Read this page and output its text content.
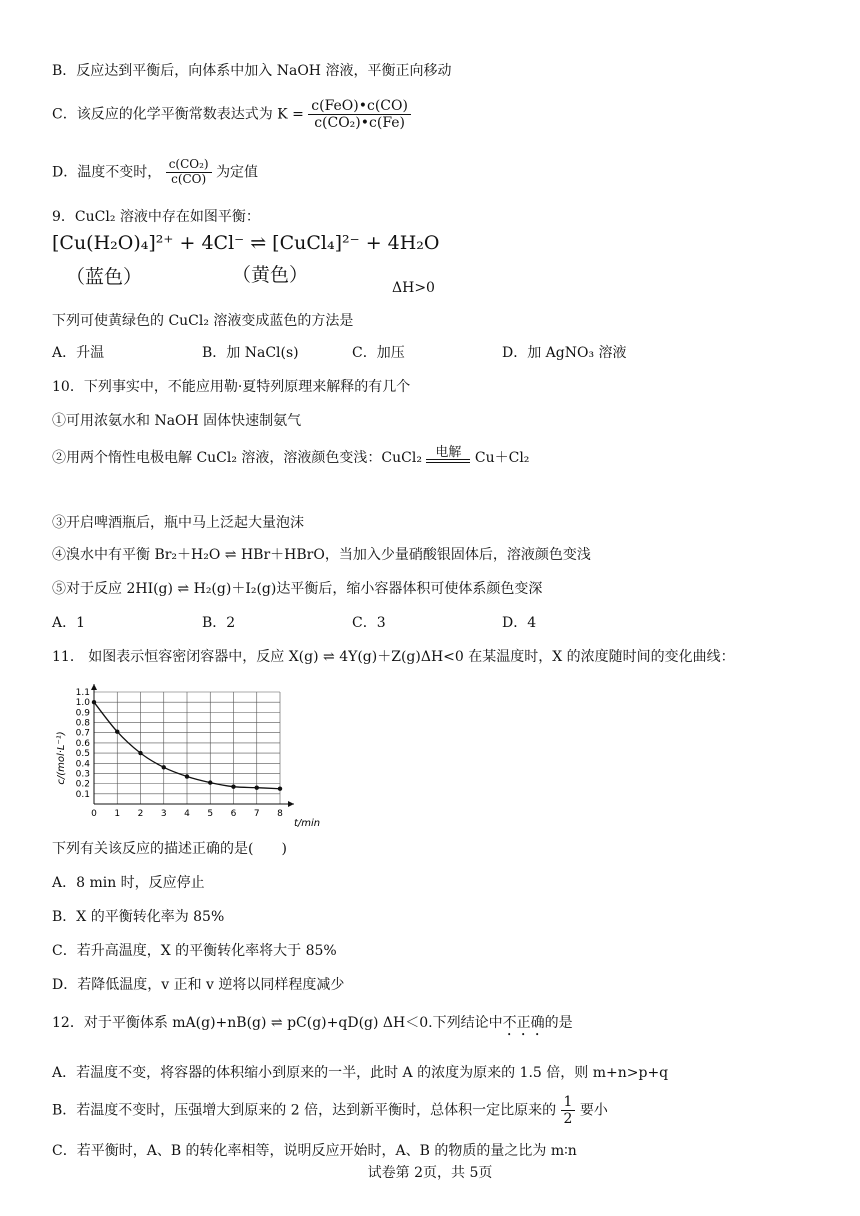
B．反应达到平衡后，向体系中加入 NaOH 溶液，平衡正向移动
C．该反应的化学平衡常数表达式为 $K = \frac{\text{c(FeO)•c(CO)}}{\text{c(CO₂)•c(Fe)}}$
D．温度不变时， $\frac{\text{c(CO₂)}}{c(CO)}$ 为定值
9．CuCl₂ 溶液中存在如图平衡：
[Cu(H₂O)₄]²⁺ + 4Cl⁻ ⇌ [CuCl₄]²⁻ + 4H₂O
（蓝色）	（黄色）
ΔH>0
下列可使黄绿色的 CuCl₂ 溶液变成蓝色的方法是
A．升温	B．加 NaCl(s)	C．加压	D．加 AgNO₃ 溶液
10．下列事实中，不能应用勒·夏特列原理来解释的有几个
①可用浓氨水和 NaOH 固体快速制氨气
②用两个惰性电极电解 CuCl₂ 溶液，溶液颜色变浅：CuCl₂	电解 Cu＋Cl₂
③开启啤酒瓶后，瓶中马上泛起大量泡沫
④溴水中有平衡 Br₂＋H₂O ⇌ HBr＋HBrO，当加入少量硝酸银固体后，溶液颜色变浅
⑤对于反应 2HI(g) ⇌ H₂(g)＋I₂(g)达平衡后，缩小容器体积可使体系颜色变深
A．1	B．2	C．3	D．4
11． 如图表示恒容密闭容器中，反应 X(g) ⇌ 4Y(g)＋Z(g)ΔH<0 在某温度时，X 的浓度随时间的变化曲线：
0.1
0.2
0.3
0.4
0.5
0.6
0.7
0.8
0.9
1.0
1.1
0 1 2 3 4 5 6 7 8
c/(mol·L⁻¹)
t/min
下列有关该反应的描述正确的是(　　)
A．8 min 时，反应停止
B．X 的平衡转化率为 85%
C．若升高温度，X 的平衡转化率将大于 85%
D．若降低温度，v 正和 v 逆将以同样程度减少
12．对于平衡体系 mA(g)+nB(g) ⇌ pC(g)+qD(g) ΔH＜0.下列结论中不正确的是
A．若温度不变，将容器的体积缩小到原来的一半，此时 A 的浓度为原来的 1.5 倍，则 m+n>p+q
B．若温度不变时，压强增大到原来的 2 倍，达到新平衡时，总体积一定比原来的 $\frac{1}{2}$ 要小
C．若平衡时，A、B 的转化率相等，说明反应开始时，A、B 的物质的量之比为 m∶n
试卷第 2页，共 5页
